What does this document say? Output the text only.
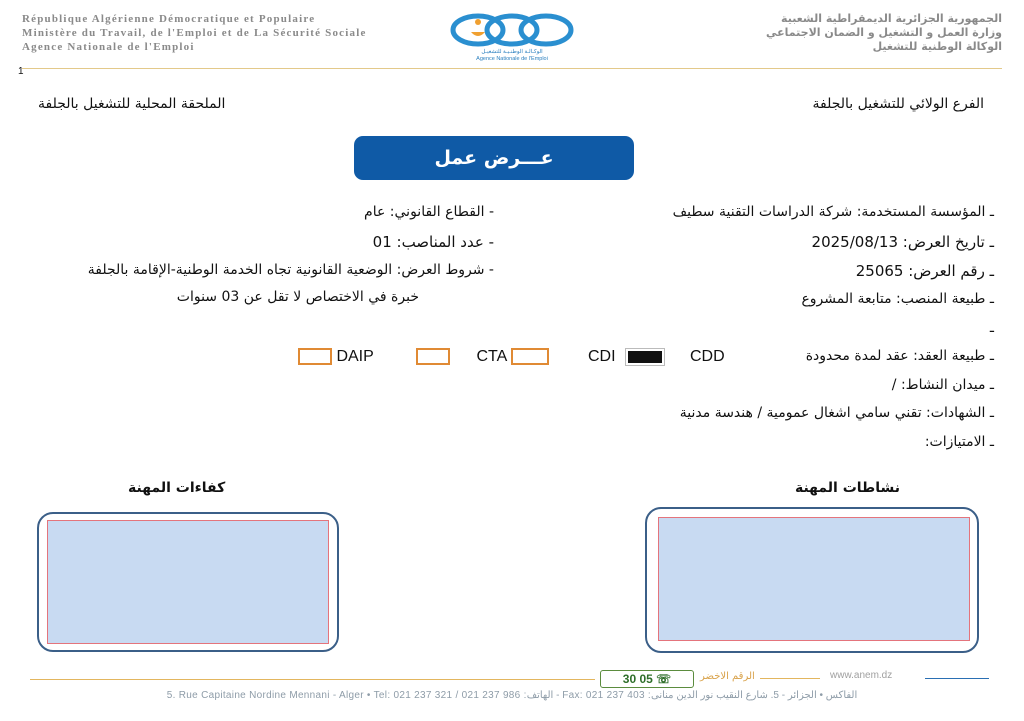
République Algérienne Démocratique et Populaire
Ministère du Travail, de l'Emploi et de La Sécurité Sociale
Agence Nationale de l'Emploi	الوكـالـة الوطنـيـة للتشغيـل
Agence Nationale de l'Emploi
الجمهورية الجزائرية الديمقراطية الشعبية
وزارة العمل و التشغيل و الضمان الاجتماعي
الوكالة الوطنية للتشغيل
1
الفرع الولائي للتشغيل بالجلفة
الملحقة المحلية للتشغيل بالجلفة
عـــرض عمل
ـ المؤسسة المستخدمة: شركة الدراسات التقنية سطيف
ـ تاريخ العرض: 2025/08/13
ـ رقم العرض: 25065
ـ طبيعة المنصب: متابعة المشروع
ـ
ـ طبيعة العقد: عقد لمدة محدودة
ـ ميدان النشاط: /
ـ الشهادات: تقني سامي اشغال عمومية / هندسة مدنية
ـ الامتيازات:
- القطاع القانوني: عام
- عدد المناصب: 01
- شروط العرض: الوضعية القانونية تجاه الخدمة الوطنية-الإقامة بالجلفة
خبرة في الاختصاص لا تقل عن 03 سنوات
DAIP	CTA	CDI	CDD
نشاطات المهنة
كفاءات المهنة
30 05 ☏	الرقم الاخضر	www.anem.dz
5. Rue Capitaine Nordine Mennani - Alger • Tel: 021 237 321 / 021 237 986 :الهاتف - Fax: 021 237 403 :الفاكس • الجزائر - 5. شارع النقيب نور الدين منانى
